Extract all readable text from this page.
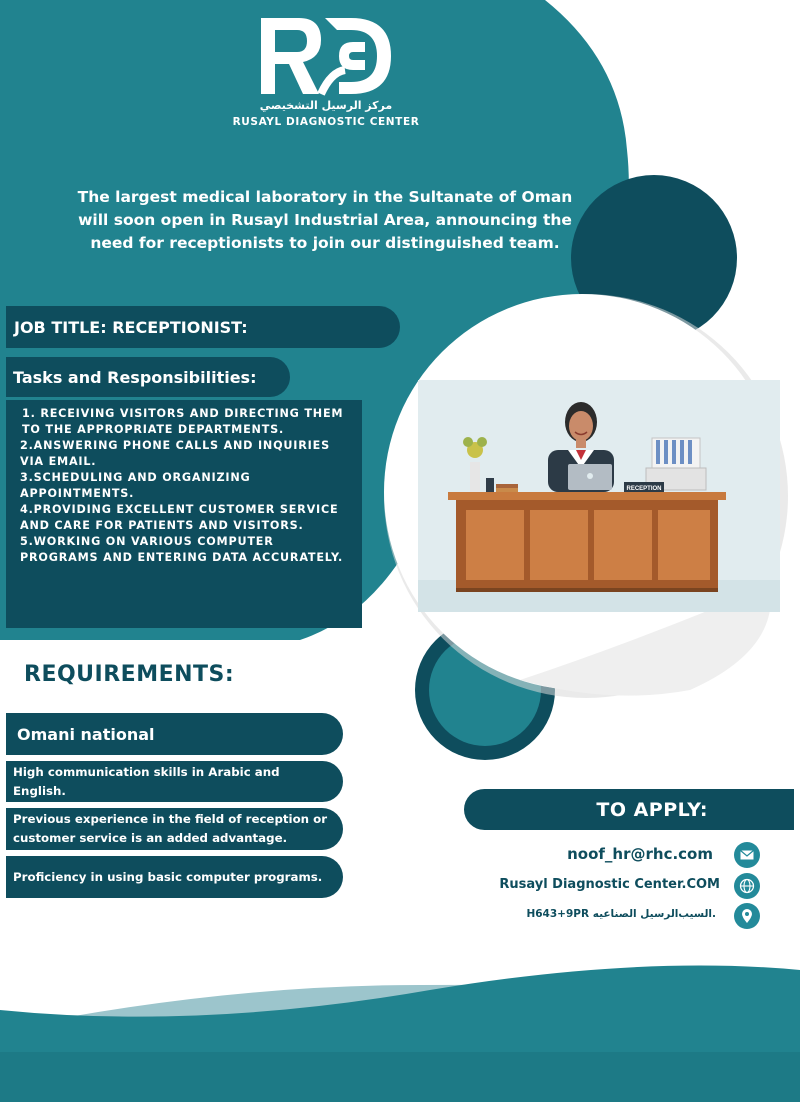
RECEPTION
مركز الرسيل التشخيصي
RUSAYL DIAGNOSTIC CENTER
The largest medical laboratory in the Sultanate of Oman will soon open in Rusayl Industrial Area, announcing the need for receptionists to join our distinguished team.
JOB TITLE: RECEPTIONIST:
Tasks and Responsibilities:
1. RECEIVING VISITORS AND DIRECTING THEM TO THE APPROPRIATE DEPARTMENTS.
2.ANSWERING PHONE CALLS AND INQUIRIES VIA EMAIL.
3.SCHEDULING AND ORGANIZING APPOINTMENTS.
4.PROVIDING EXCELLENT CUSTOMER SERVICE AND CARE FOR PATIENTS AND VISITORS.
5.WORKING ON VARIOUS COMPUTER PROGRAMS AND ENTERING DATA ACCURATELY.
REQUIREMENTS:
Omani national
High communication skills in Arabic and English.
Previous experience in the field of reception or customer service is an added advantage.
Proficiency in using basic computer programs.
TO APPLY:
noof_hr@rhc.com
Rusayl Diagnostic Center.COM
H643+9PR السيب‌الرسيل الصناعيه.
